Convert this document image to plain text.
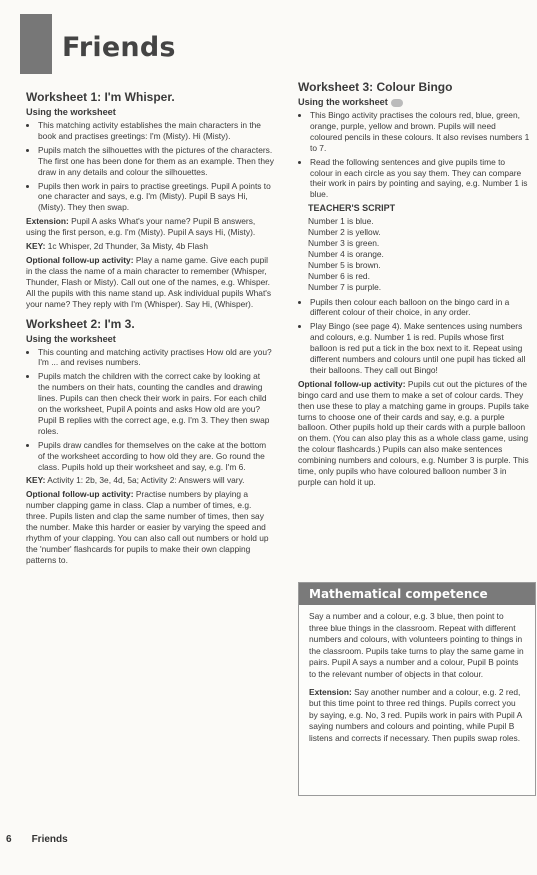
Friends
Worksheet 1: I'm Whisper.
Using the worksheet
• This matching activity establishes the main characters in the book and practises greetings: I'm (Misty). Hi (Misty).
• Pupils match the silhouettes with the pictures of the characters. The first one has been done for them as an example. Then they draw in any details and colour the silhouettes.
• Pupils then work in pairs to practise greetings. Pupil A points to one character and says, e.g. I'm (Misty). Pupil B says Hi, (Misty). They then swap.

Extension: Pupil A asks What's your name? Pupil B answers, using the first person, e.g. I'm (Misty). Pupil A says Hi, (Misty).

KEY: 1c Whisper, 2d Thunder, 3a Misty, 4b Flash

Optional follow-up activity: Play a name game. Give each pupil in the class the name of a main character to remember (Whisper, Thunder, Flash or Misty). Call out one of the names, e.g. Whisper. All the pupils with this name stand up. Ask individual pupils What's your name? They reply with I'm (Whisper). Say Hi, (Whisper).

Worksheet 2: I'm 3.
Using the worksheet
• This counting and matching activity practises How old are you? I'm ... and revises numbers.
• Pupils match the children with the correct cake by looking at the numbers on their hats, counting the candles and drawing lines. Pupils can then check their work in pairs. For each child on the worksheet, Pupil A points and asks How old are you? Pupil B replies with the correct age, e.g. I'm 3. They then swap roles.
• Pupils draw candles for themselves on the cake at the bottom of the worksheet according to how old they are. Go round the class. Pupils hold up their worksheet and say, e.g. I'm 6.

KEY: Activity 1: 2b, 3e, 4d, 5a; Activity 2: Answers will vary.

Optional follow-up activity: Practise numbers by playing a number clapping game in class. Clap a number of times, e.g. three. Pupils listen and clap the same number of times, then say the number. Make this harder or easier by varying the speed and rhythm of your clapping. You can also call out numbers or hold up the 'number' flashcards for pupils to make their own clapping patterns to.

Worksheet 3: Colour Bingo
Using the worksheet
• This Bingo activity practises the colours red, blue, green, orange, purple, yellow and brown. Pupils will need coloured pencils in these colours. It also revises numbers 1 to 7.
• Read the following sentences and give pupils time to colour in each circle as you say them. They can compare their work in pairs by pointing and saying, e.g. Number 1 is blue.
TEACHER'S SCRIPT
Number 1 is blue.
Number 2 is yellow.
Number 3 is green.
Number 4 is orange.
Number 5 is brown.
Number 6 is red.
Number 7 is purple.
• Pupils then colour each balloon on the bingo card in a different colour of their choice, in any order.
• Play Bingo (see page 4). Make sentences using numbers and colours, e.g. Number 1 is red. Pupils whose first balloon is red put a tick in the box next to it. Repeat using different numbers and colours until one pupil has ticked all their balloons. They call out Bingo!

Optional follow-up activity: Pupils cut out the pictures of the bingo card and use them to make a set of colour cards. They then use these to play a matching game in groups. Pupils take turns to choose one of their cards and say, e.g. a purple balloon. Other pupils hold up their cards with a purple balloon on them. (You can also play this as a whole class game, using the colour flashcards.) Pupils can also make sentences combining numbers and colours, e.g. Number 3 is purple. This time, only pupils who have coloured balloon number 3 in purple can hold it up.

Mathematical competence

Say a number and a colour, e.g. 3 blue, then point to three blue things in the classroom. Repeat with different numbers and colours, with volunteers pointing to things in the classroom. Pupils take turns to play the same game in pairs. Pupil A says a number and a colour, Pupil B points to the relevant number of objects in that colour.

Extension: Say another number and a colour, e.g. 2 red, but this time point to three red things. Pupils correct you by saying, e.g. No, 3 red. Pupils work in pairs with Pupil A saying numbers and colours and pointing, while Pupil B listens and corrects if necessary. Then pupils swap roles.

6 Friends
